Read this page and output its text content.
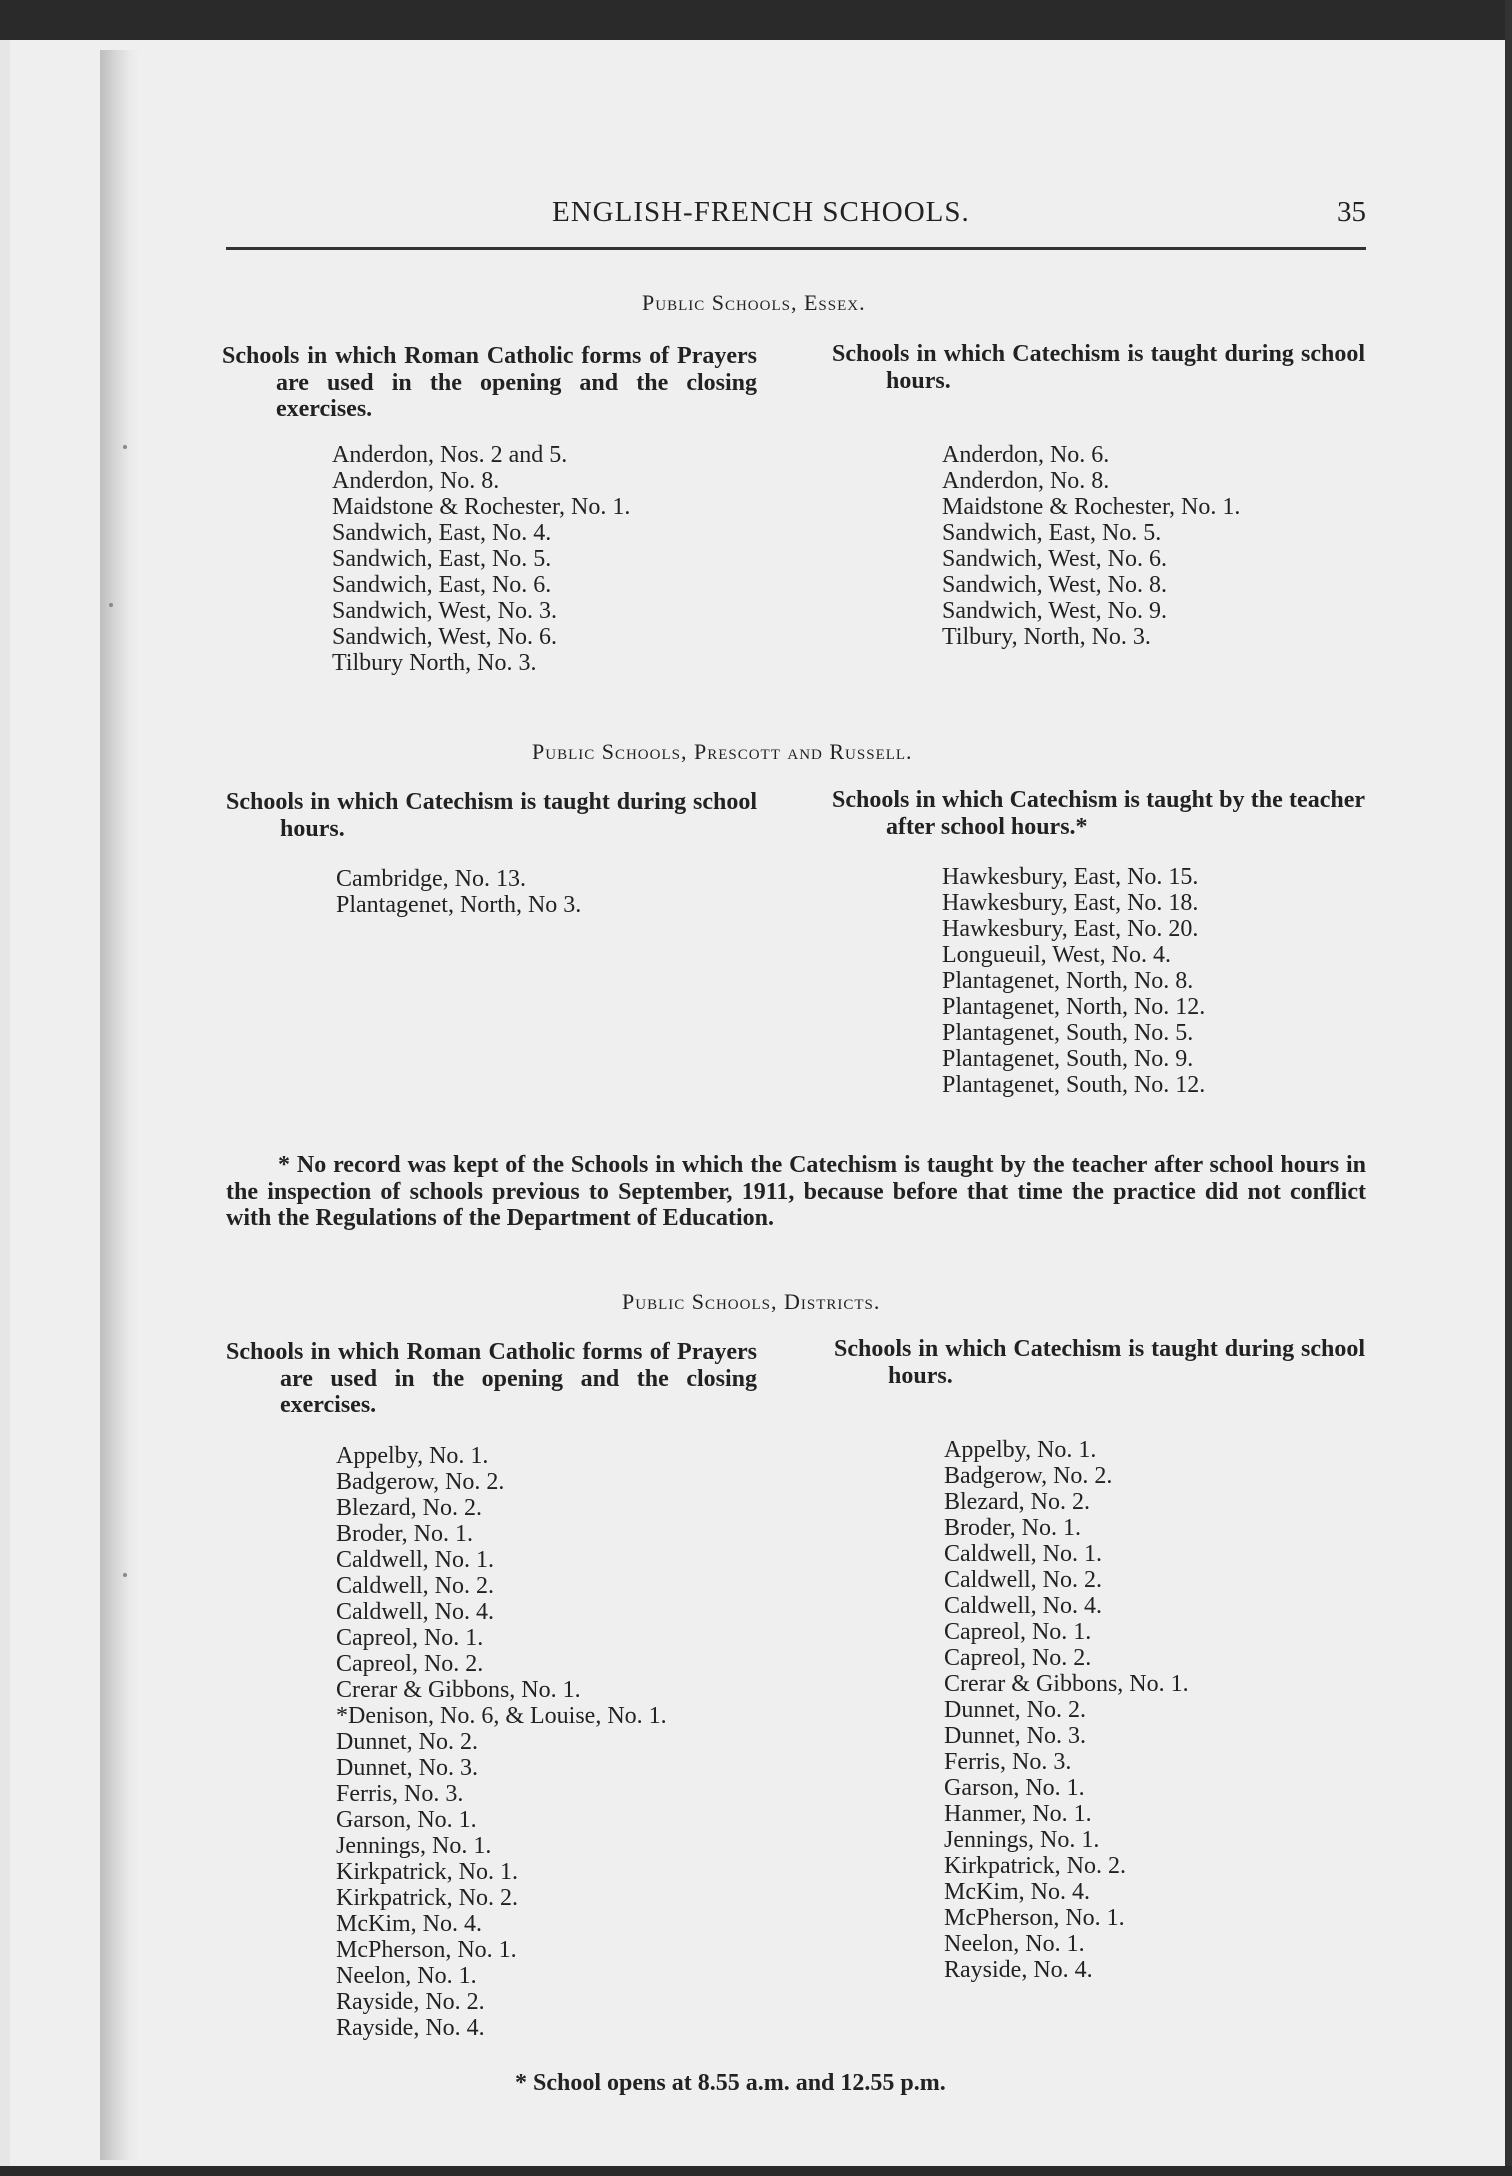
ENGLISH-FRENCH SCHOOLS.	35
Public Schools, Essex.
Schools in which Roman Catholic forms of Prayers are used in the opening and the closing exercises.
Anderdon, Nos. 2 and 5.
Anderdon, No. 8.
Maidstone & Rochester, No. 1.
Sandwich, East, No. 4.
Sandwich, East, No. 5.
Sandwich, East, No. 6.
Sandwich, West, No. 3.
Sandwich, West, No. 6.
Tilbury North, No. 3.
Schools in which Catechism is taught during school hours.
Anderdon, No. 6.
Anderdon, No. 8.
Maidstone & Rochester, No. 1.
Sandwich, East, No. 5.
Sandwich, West, No. 6.
Sandwich, West, No. 8.
Sandwich, West, No. 9.
Tilbury, North, No. 3.
Public Schools, Prescott and Russell.
Schools in which Catechism is taught during school hours.
Cambridge, No. 13.
Plantagenet, North, No 3.
Schools in which Catechism is taught by the teacher after school hours.*
Hawkesbury, East, No. 15.
Hawkesbury, East, No. 18.
Hawkesbury, East, No. 20.
Longueuil, West, No. 4.
Plantagenet, North, No. 8.
Plantagenet, North, No. 12.
Plantagenet, South, No. 5.
Plantagenet, South, No. 9.
Plantagenet, South, No. 12.
* No record was kept of the Schools in which the Catechism is taught by the teacher after school hours in the inspection of schools previous to September, 1911, because before that time the practice did not conflict with the Regulations of the Department of Education.
Public Schools, Districts.
Schools in which Roman Catholic forms of Prayers are used in the opening and the closing exercises.
Appelby, No. 1.
Badgerow, No. 2.
Blezard, No. 2.
Broder, No. 1.
Caldwell, No. 1.
Caldwell, No. 2.
Caldwell, No. 4.
Capreol, No. 1.
Capreol, No. 2.
Crerar & Gibbons, No. 1.
*Denison, No. 6, & Louise, No. 1.
Dunnet, No. 2.
Dunnet, No. 3.
Ferris, No. 3.
Garson, No. 1.
Jennings, No. 1.
Kirkpatrick, No. 1.
Kirkpatrick, No. 2.
McKim, No. 4.
McPherson, No. 1.
Neelon, No. 1.
Rayside, No. 2.
Rayside, No. 4.
Schools in which Catechism is taught during school hours.
Appelby, No. 1.
Badgerow, No. 2.
Blezard, No. 2.
Broder, No. 1.
Caldwell, No. 1.
Caldwell, No. 2.
Caldwell, No. 4.
Capreol, No. 1.
Capreol, No. 2.
Crerar & Gibbons, No. 1.
Dunnet, No. 2.
Dunnet, No. 3.
Ferris, No. 3.
Garson, No. 1.
Hanmer, No. 1.
Jennings, No. 1.
Kirkpatrick, No. 2.
McKim, No. 4.
McPherson, No. 1.
Neelon, No. 1.
Rayside, No. 4.
* School opens at 8.55 a.m. and 12.55 p.m.
